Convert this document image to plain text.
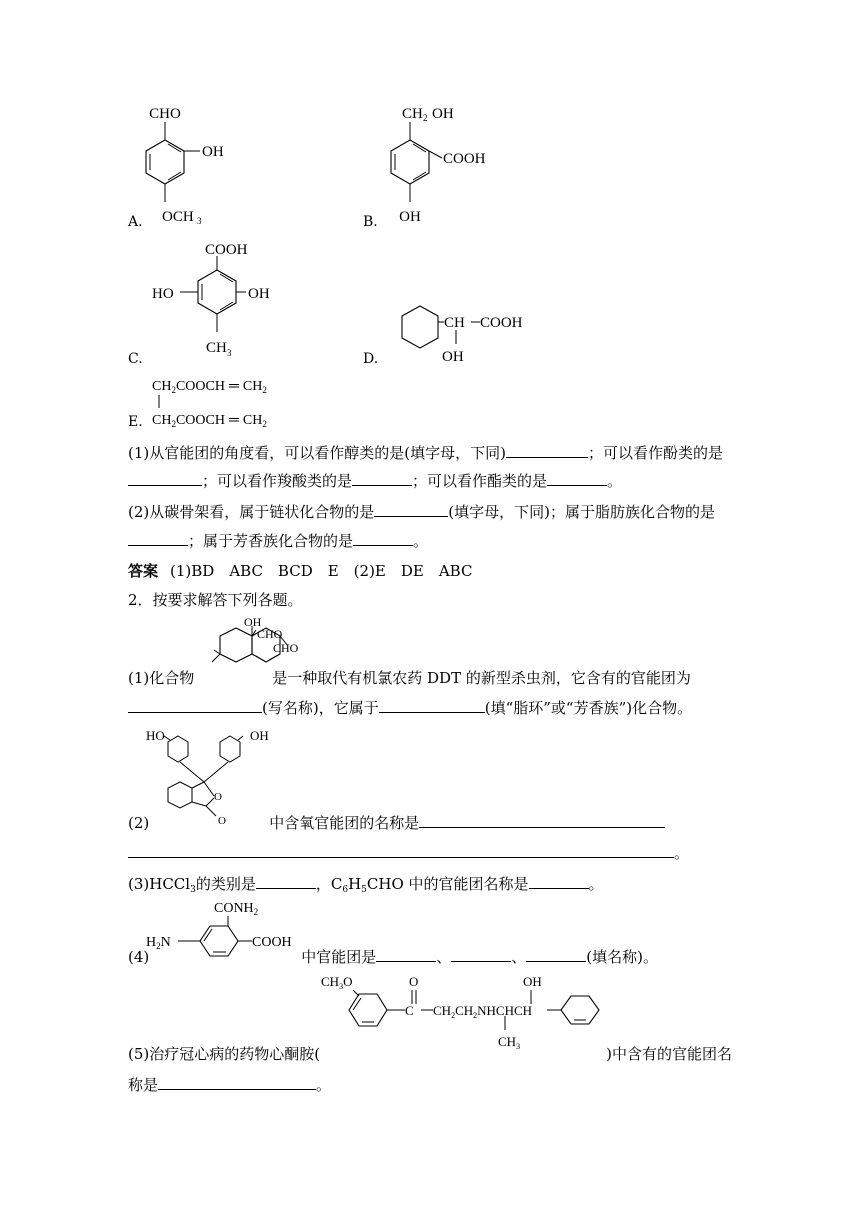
CHO
OH
OCH 3
A.
CH 2 OH
COOH
OH
B.
COOH
HO	OH
CH 3
C.
CH COOH
OH
D.
$CH_2COOCH$ ═ $CH_2$
$CH_2COOCH$ ═ $CH_2$
E.
(1)从官能团的角度看，可以看作醇类的是(填字母，下同)	；可以看作酚类的是
；可以看作羧酸类的是	；可以看作酯类的是	。
(2)从碳骨架看，属于链状化合物的是	(填字母，下同)；属于脂肪族化合物的是
；属于芳香族化合物的是	。
答案 (1)BD　ABC　BCD　E　(2)E　DE　ABC
2．按要求解答下列各题。
OH
CHO
CHO
(1)化合物	是一种取代有机氯农药 DDT 的新型杀虫剂，它含有的官能团为
(写名称)，它属于	(填“脂环”或“芳香族”)化合物。
HO	OH
O
O
(2)	中含氧官能团的名称是
。
(3)HCCl$_3$的类别是	，$C_6H_5CHO$ 中的官能团名称是	。
$CONH_2$
$H_2N$	COOH
(4)	中官能团是	、	、	(填名称)。
$CH_3O$	O
C $CH_2CH_2NHCHCH$
OH
$CH_3$
(5)治疗冠心病的药物心酮胺(	)中含有的官能团名
称是	。
